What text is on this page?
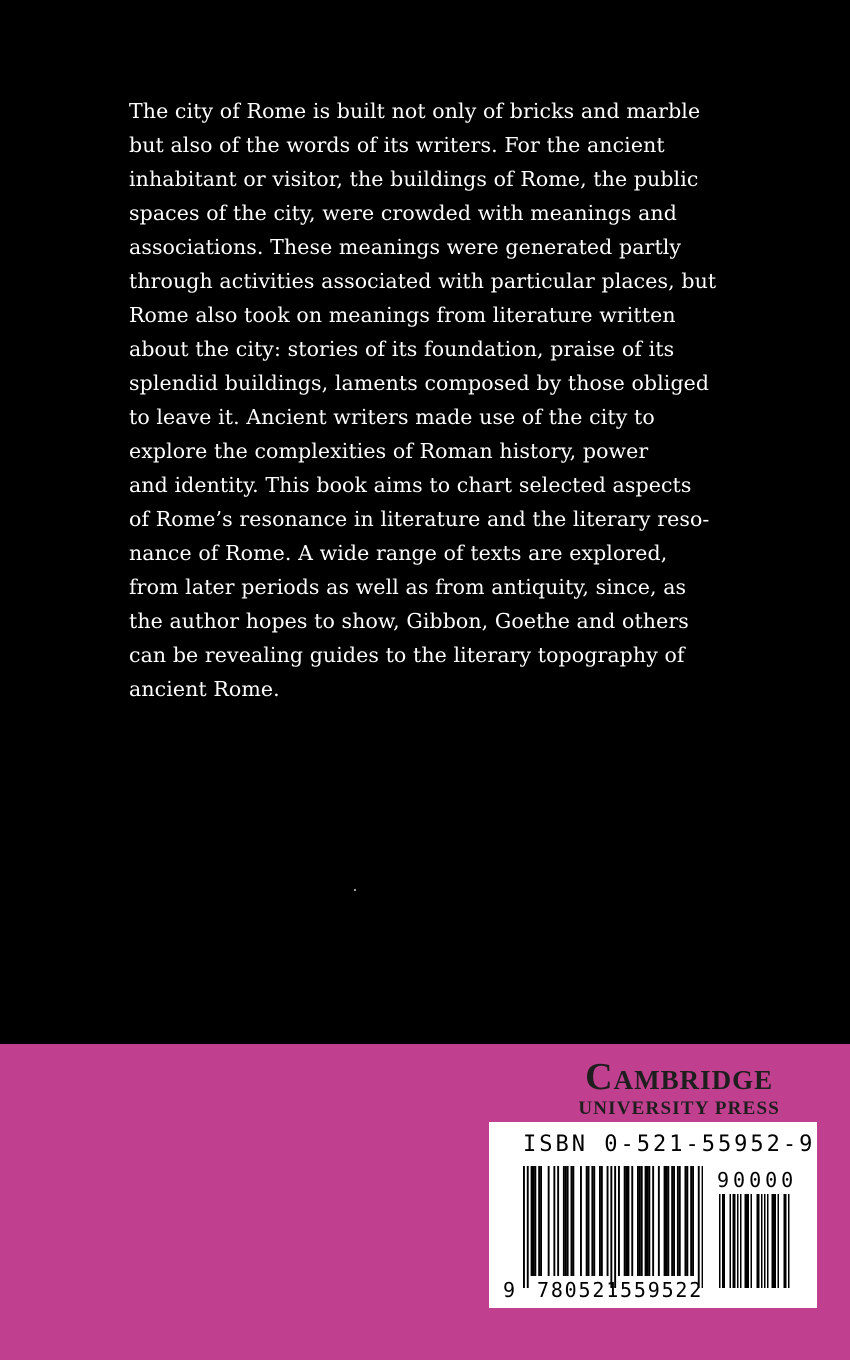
The city of Rome is built not only of bricks and marble
but also of the words of its writers. For the ancient
inhabitant or visitor, the buildings of Rome, the public
spaces of the city, were crowded with meanings and
associations. These meanings were generated partly
through activities associated with particular places, but
Rome also took on meanings from literature written
about the city: stories of its foundation, praise of its
splendid buildings, laments composed by those obliged
to leave it. Ancient writers made use of the city to
explore the complexities of Roman history, power
and identity. This book aims to chart selected aspects
of Rome’s resonance in literature and the literary reso-
nance of Rome. A wide range of texts are explored,
from later periods as well as from antiquity, since, as
the author hopes to show, Gibbon, Goethe and others
can be revealing guides to the literary topography of
ancient Rome.

Cambridge
UNIVERSITY PRESS
ISBN 0-521-55952-9
90000
9 780521559522
